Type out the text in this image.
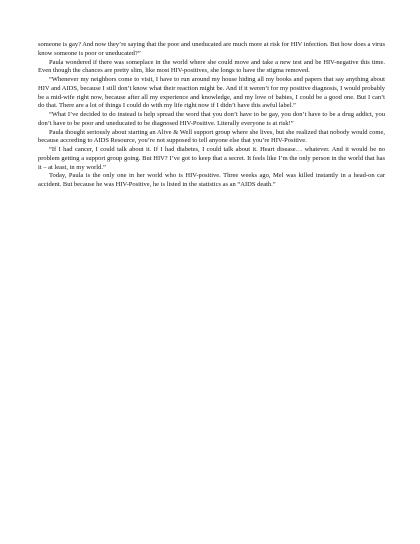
someone is gay? And now they’re saying that the poor and uneducated are much more at risk for HIV infection. But how does a virus know someone is poor or uneducated?”

Paula wondered if there was someplace in the world where she could move and take a new test and be HIV-negative this time. Even though the chances are pretty slim, like most HIV-positives, she longs to have the stigma removed.

“Whenever my neighbors come to visit, I have to run around my house hiding all my books and papers that say anything about HIV and AIDS, because I still don’t know what their reaction might be. And if it weren’t for my positive diagnosis, I would probably be a mid-wife right now, because after all my experience and knowledge, and my love of babies, I could be a good one. But I can’t do that. There are a lot of things I could do with my life right now if I didn’t have this awful label.”

“What I’ve decided to do instead is help spread the word that you don’t have to be gay, you don’t have to be a drug addict, you don’t have to be poor and uneducated to be diagnosed HIV-Positive. Literally everyone is at risk!”

Paula thought seriously about starting an Alive & Well support group where she lives, but she realized that nobody would come, because according to AIDS Resource, you’re not supposed to tell anyone else that you’re HIV-Positive.

“If I had cancer, I could talk about it. If I had diabetes, I could talk about it. Heart disease… whatever. And it would be no problem getting a support group going. But HIV? I’ve got to keep that a secret. It feels like I’m the only person in the world that has it – at least, in my world.”

Today, Paula is the only one in her world who is HIV-positive. Three weeks ago, Mel was killed instantly in a head-on car accident. But because he was HIV-Positive, he is listed in the statistics as an “AIDS death.”
